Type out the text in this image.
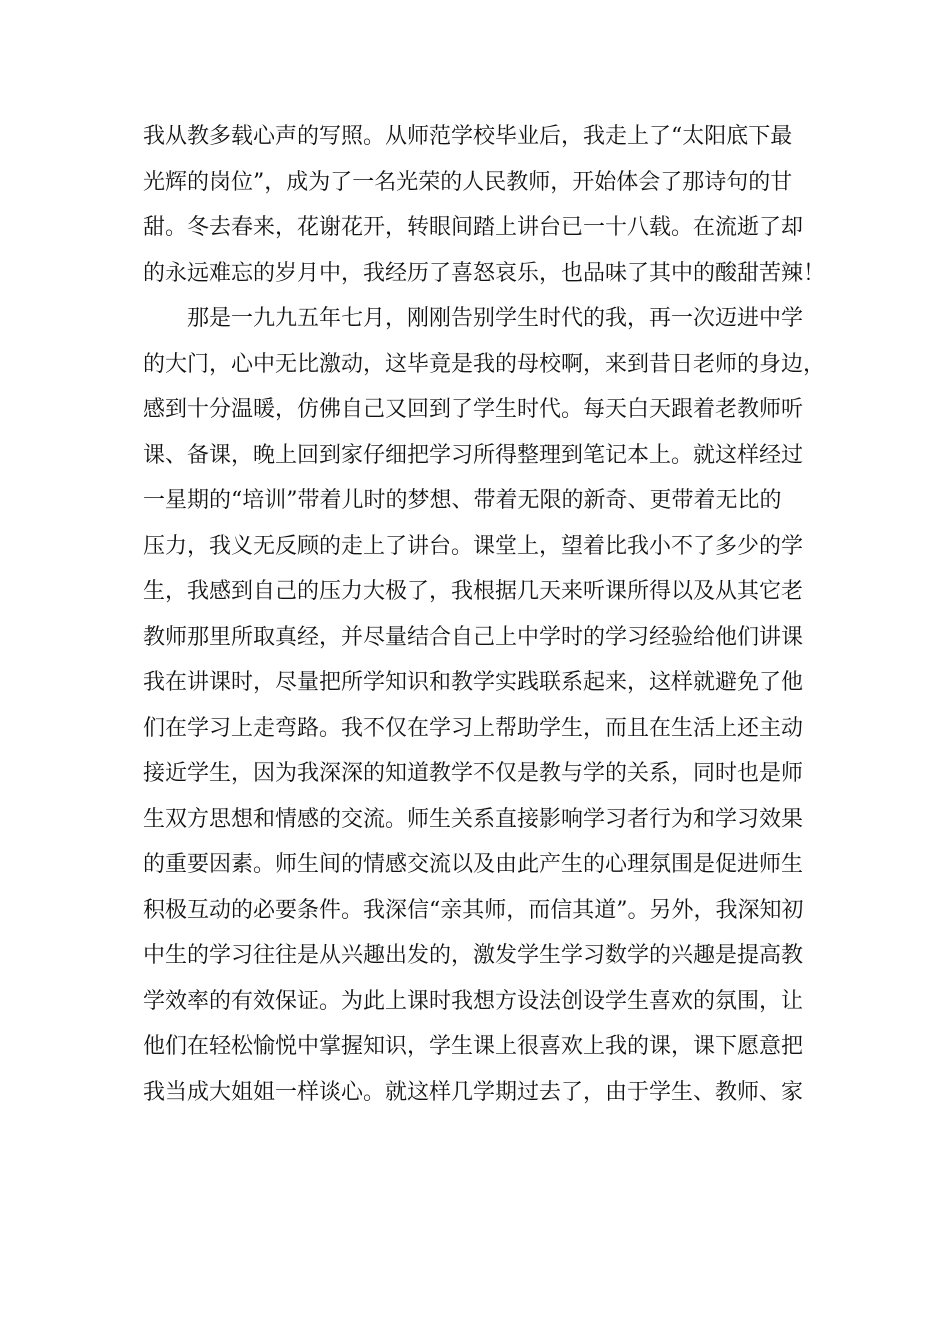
我从教多载心声的写照。从师范学校毕业后，我走上了“太阳底下最
光辉的岗位”，成为了一名光荣的人民教师，开始体会了那诗句的甘
甜。冬去春来，花谢花开，转眼间踏上讲台已一十八载。在流逝了却
的永远难忘的岁月中，我经历了喜怒哀乐，也品味了其中的酸甜苦辣！
那是一九九五年七月，刚刚告别学生时代的我，再一次迈进中学
的大门，心中无比激动，这毕竟是我的母校啊，来到昔日老师的身边，
感到十分温暖，仿佛自己又回到了学生时代。每天白天跟着老教师听
课、备课，晚上回到家仔细把学习所得整理到笔记本上。就这样经过
一星期的“培训”带着儿时的梦想、带着无限的新奇、更带着无比的
压力，我义无反顾的走上了讲台。课堂上，望着比我小不了多少的学
生，我感到自己的压力大极了，我根据几天来听课所得以及从其它老
教师那里所取真经，并尽量结合自己上中学时的学习经验给他们讲课
我在讲课时，尽量把所学知识和教学实践联系起来，这样就避免了他
们在学习上走弯路。我不仅在学习上帮助学生，而且在生活上还主动
接近学生，因为我深深的知道教学不仅是教与学的关系，同时也是师
生双方思想和情感的交流。师生关系直接影响学习者行为和学习效果
的重要因素。师生间的情感交流以及由此产生的心理氛围是促进师生
积极互动的必要条件。我深信“亲其师，而信其道”。另外，我深知初
中生的学习往往是从兴趣出发的，激发学生学习数学的兴趣是提高教
学效率的有效保证。为此上课时我想方设法创设学生喜欢的氛围，让
他们在轻松愉悦中掌握知识，学生课上很喜欢上我的课，课下愿意把
我当成大姐姐一样谈心。就这样几学期过去了，由于学生、教师、家
